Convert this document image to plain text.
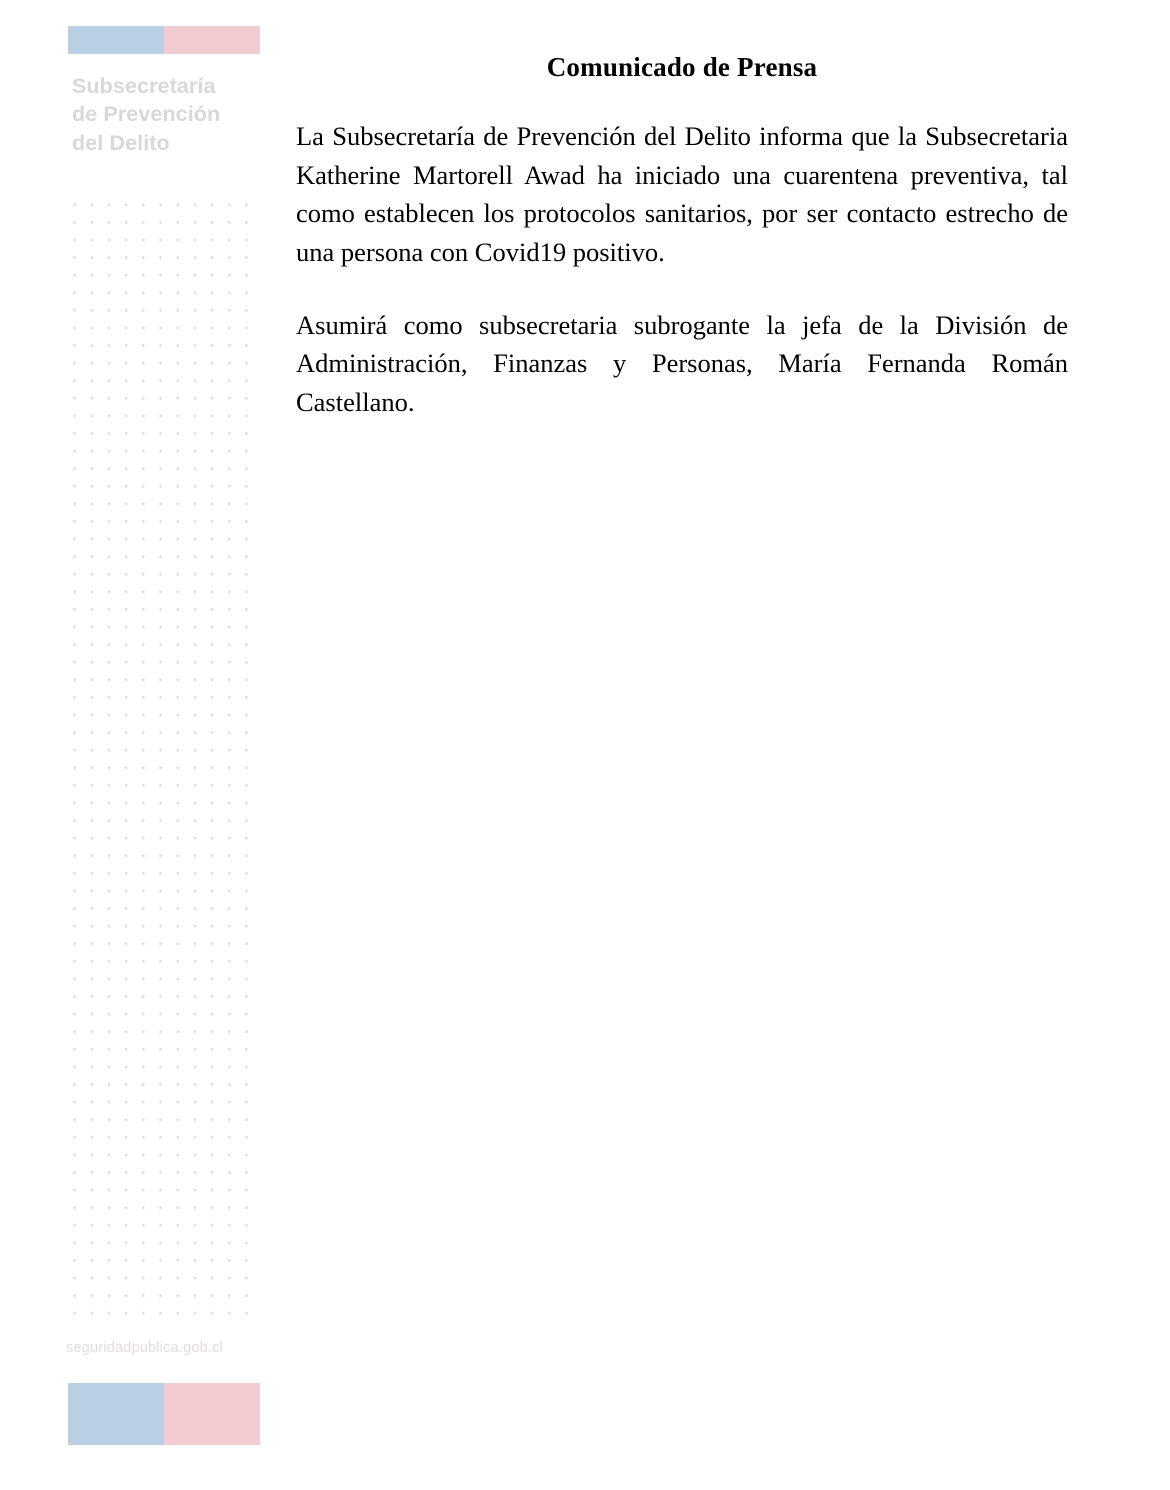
Subsecretaría
de Prevención
del Delito
seguridadpublica.gob.cl
Comunicado de Prensa

La Subsecretaría de Prevención del Delito informa que la Subsecretaria Katherine Martorell Awad ha iniciado una cuarentena preventiva, tal como establecen los protocolos sanitarios, por ser contacto estrecho de una persona con Covid19 positivo.

Asumirá como subsecretaria subrogante la jefa de la División de Administración, Finanzas y Personas, María Fernanda Román Castellano.
